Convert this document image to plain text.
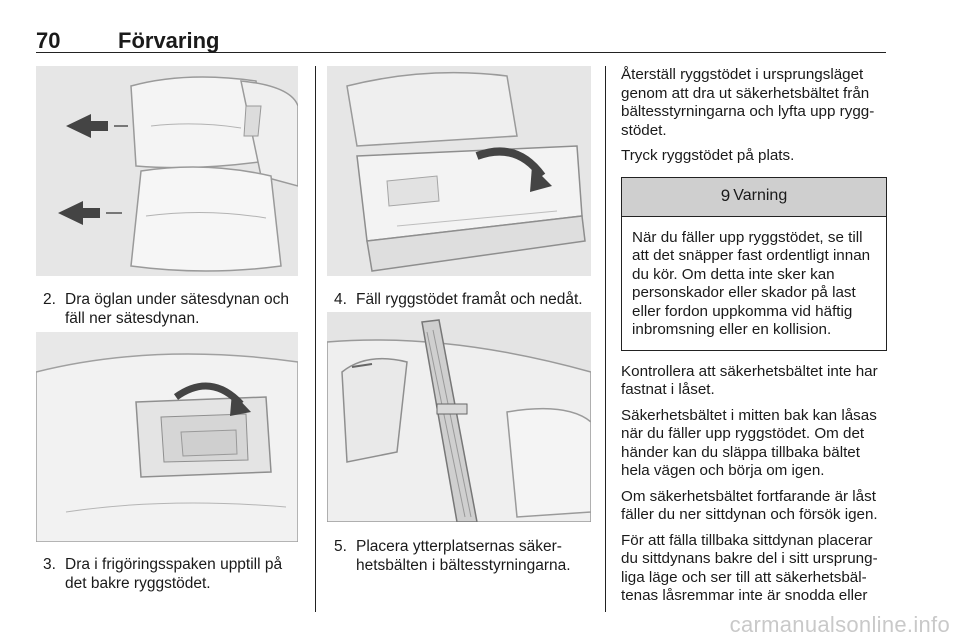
70	Förvaring
2. Dra öglan under sätesdynan och fäll ner sätesdynan.
3. Dra i frigöringsspaken upptill på det bakre ryggstödet.
4. Fäll ryggstödet framåt och nedåt.
5. Placera ytterplatsernas säkerhetsbälten i bältesstyrningarna.

Återställ ryggstödet i ursprungsläget genom att dra ut säkerhetsbältet från bältesstyrningarna och lyfta upp ryggstödet.

Tryck ryggstödet på plats.

9 Varning
När du fäller upp ryggstödet, se till att det snäpper fast ordentligt innan du kör. Om detta inte sker kan personskador eller skador på last eller fordon uppkomma vid häftig inbromsning eller en kollision.

Kontrollera att säkerhetsbältet inte har fastnat i låset.

Säkerhetsbältet i mitten bak kan låsas när du fäller upp ryggstödet. Om det händer kan du släppa tillbaka bältet hela vägen och börja om igen.

Om säkerhetsbältet fortfarande är låst fäller du ner sittdynan och försök igen.

För att fälla tillbaka sittdynan placerar du sittdynans bakre del i sitt ursprungliga läge och ser till att säkerhetsbältenas låsremmar inte är snodda eller

carmanualsonline.info
